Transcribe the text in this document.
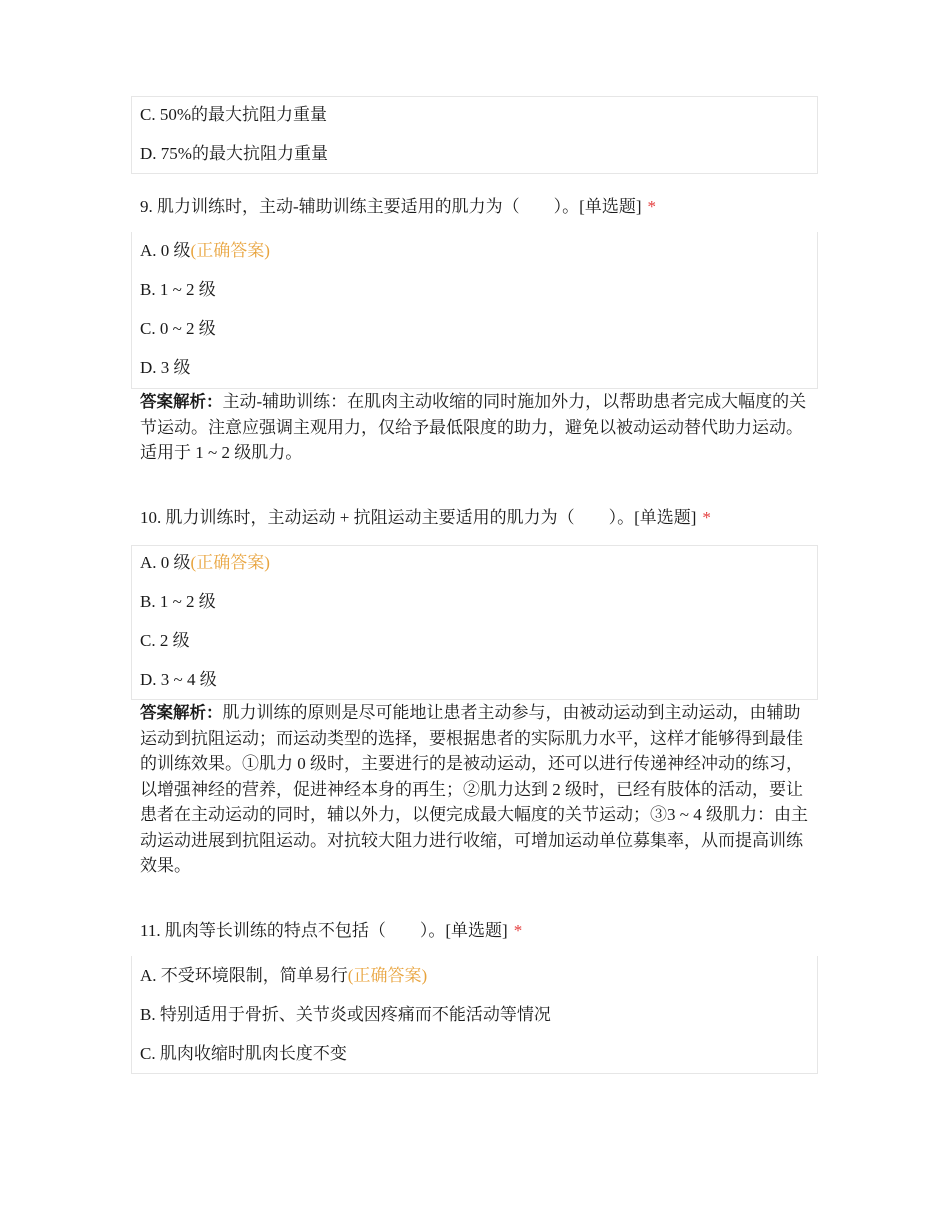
C. 50%的最大抗阻力重量
D. 75%的最大抗阻力重量
9. 肌力训练时，主动-辅助训练主要适用的肌力为（　　）。[单选题] *
A. 0 级(正确答案)
B. 1 ~ 2 级
C. 0 ~ 2 级
D. 3 级
答案解析：主动-辅助训练：在肌肉主动收缩的同时施加外力，以帮助患者完成大幅度的关节运动。注意应强调主观用力，仅给予最低限度的助力，避免以被动运动替代助力运动。适用于 1 ~ 2 级肌力。
10. 肌力训练时，主动运动 + 抗阻运动主要适用的肌力为（　　）。[单选题] *
A. 0 级(正确答案)
B. 1 ~ 2 级
C. 2 级
D. 3 ~ 4 级
答案解析：肌力训练的原则是尽可能地让患者主动参与，由被动运动到主动运动，由辅助运动到抗阻运动；而运动类型的选择，要根据患者的实际肌力水平，这样才能够得到最佳的训练效果。①肌力 0 级时，主要进行的是被动运动，还可以进行传递神经冲动的练习，以增强神经的营养，促进神经本身的再生；②肌力达到 2 级时，已经有肢体的活动，要让患者在主动运动的同时，辅以外力，以便完成最大幅度的关节运动；③3 ~ 4 级肌力：由主动运动进展到抗阻运动。对抗较大阻力进行收缩，可增加运动单位募集率，从而提高训练效果。
11. 肌肉等长训练的特点不包括（　　）。[单选题] *
A. 不受环境限制，简单易行(正确答案)
B. 特别适用于骨折、关节炎或因疼痛而不能活动等情况
C. 肌肉收缩时肌肉长度不变
